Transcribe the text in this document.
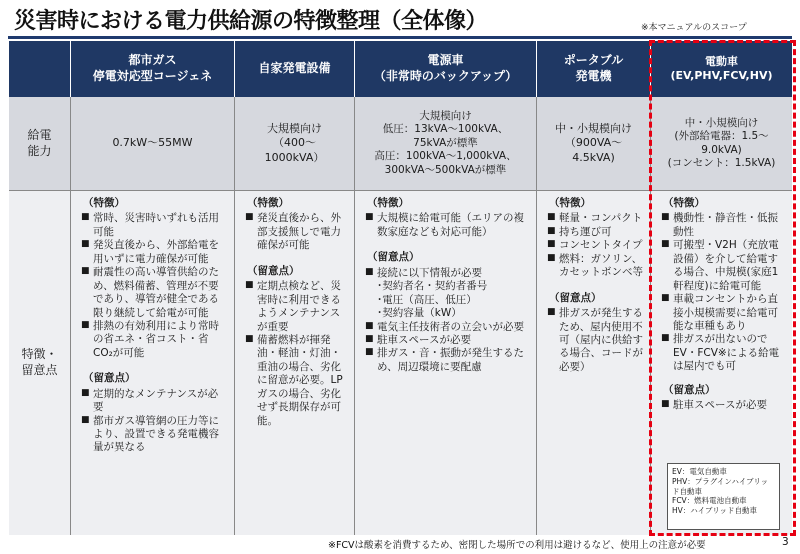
災害時における電力供給源の特徴整理（全体像）	※本マニュアルのスコープ
都市ガス
停電対応型コージェネ
自家発電設備
電源車
（非常時のバックアップ）
ポータブル
発電機
電動車
(EV,PHV,FCV,HV)
給電
能力
0.7kW～55MW
大規模向け
（400～
1000kVA）
大規模向け
低圧：13kVA～100kVA、
75kVAが標準
高圧：100kVA～1,000kVA、
300kVA～500kVAが標準
中・小規模向け
（900VA～
4.5kVA)
中・小規模向け
(外部給電器：1.5～
9.0kVA)
(コンセント：1.5kVA)
特徴・
留意点

（特徴）

■ 常時、災害時いずれも活用可能
■ 発災直後から、外部給電を用いずに電力確保が可能
■ 耐震性の高い導管供給のため、燃料備蓄、管理が不要であり、導管が健全である限り継続して給電が可能
■ 排熱の有効利用により常時の省エネ・省コスト・省CO₂が可能

（留意点）

■ 定期的なメンテナンスが必要
■ 都市ガス導管網の圧力等により、設置できる発電機容量が異なる

（特徴）

■ 発災直後から、外部支援無しで電力確保が可能

（留意点）

■ 定期点検など、災害時に利用できるようメンテナンスが重要
■ 備蓄燃料が揮発油・軽油・灯油・重油の場合、劣化に留意が必要。LPガスの場合、劣化せず長期保存が可能。

（特徴）

■ 大規模に給電可能（エリアの複数家庭なども対応可能）

（留意点）

■ 接続に以下情報が必要
･契約者名・契約者番号
･電圧（高圧、低圧）
･契約容量（kW）
■ 電気主任技術者の立会いが必要
■ 駐車スペースが必要
■ 排ガス・音・振動が発生するため、周辺環境に要配慮

（特徴）

■ 軽量・コンパクト
■ 持ち運び可
■ コンセントタイプ
■ 燃料：ガソリン、カセットボンベ等

（留意点）

■ 排ガスが発生するため、屋内使用不可（屋内に供給する場合、コードが必要）

（特徴）

■ 機動性・静音性・低振動性
■ 可搬型・V2H（充放電設備）を介して給電する場合、中規模(家庭1軒程度)に給電可能
■ 車載コンセントから直接小規模需要に給電可能な車種もあり
■ 排ガスが出ないのでEV・FCV※による給電は屋内でも可

（留意点）

■ 駐車スペースが必要
EV：電気自動車
PHV：プラグインハイブリッド自動車
FCV：燃料電池自動車
HV：ハイブリッド自動車
※FCVは酸素を消費するため、密閉した場所での利用は避けるなど、使用上の注意が必要	3
